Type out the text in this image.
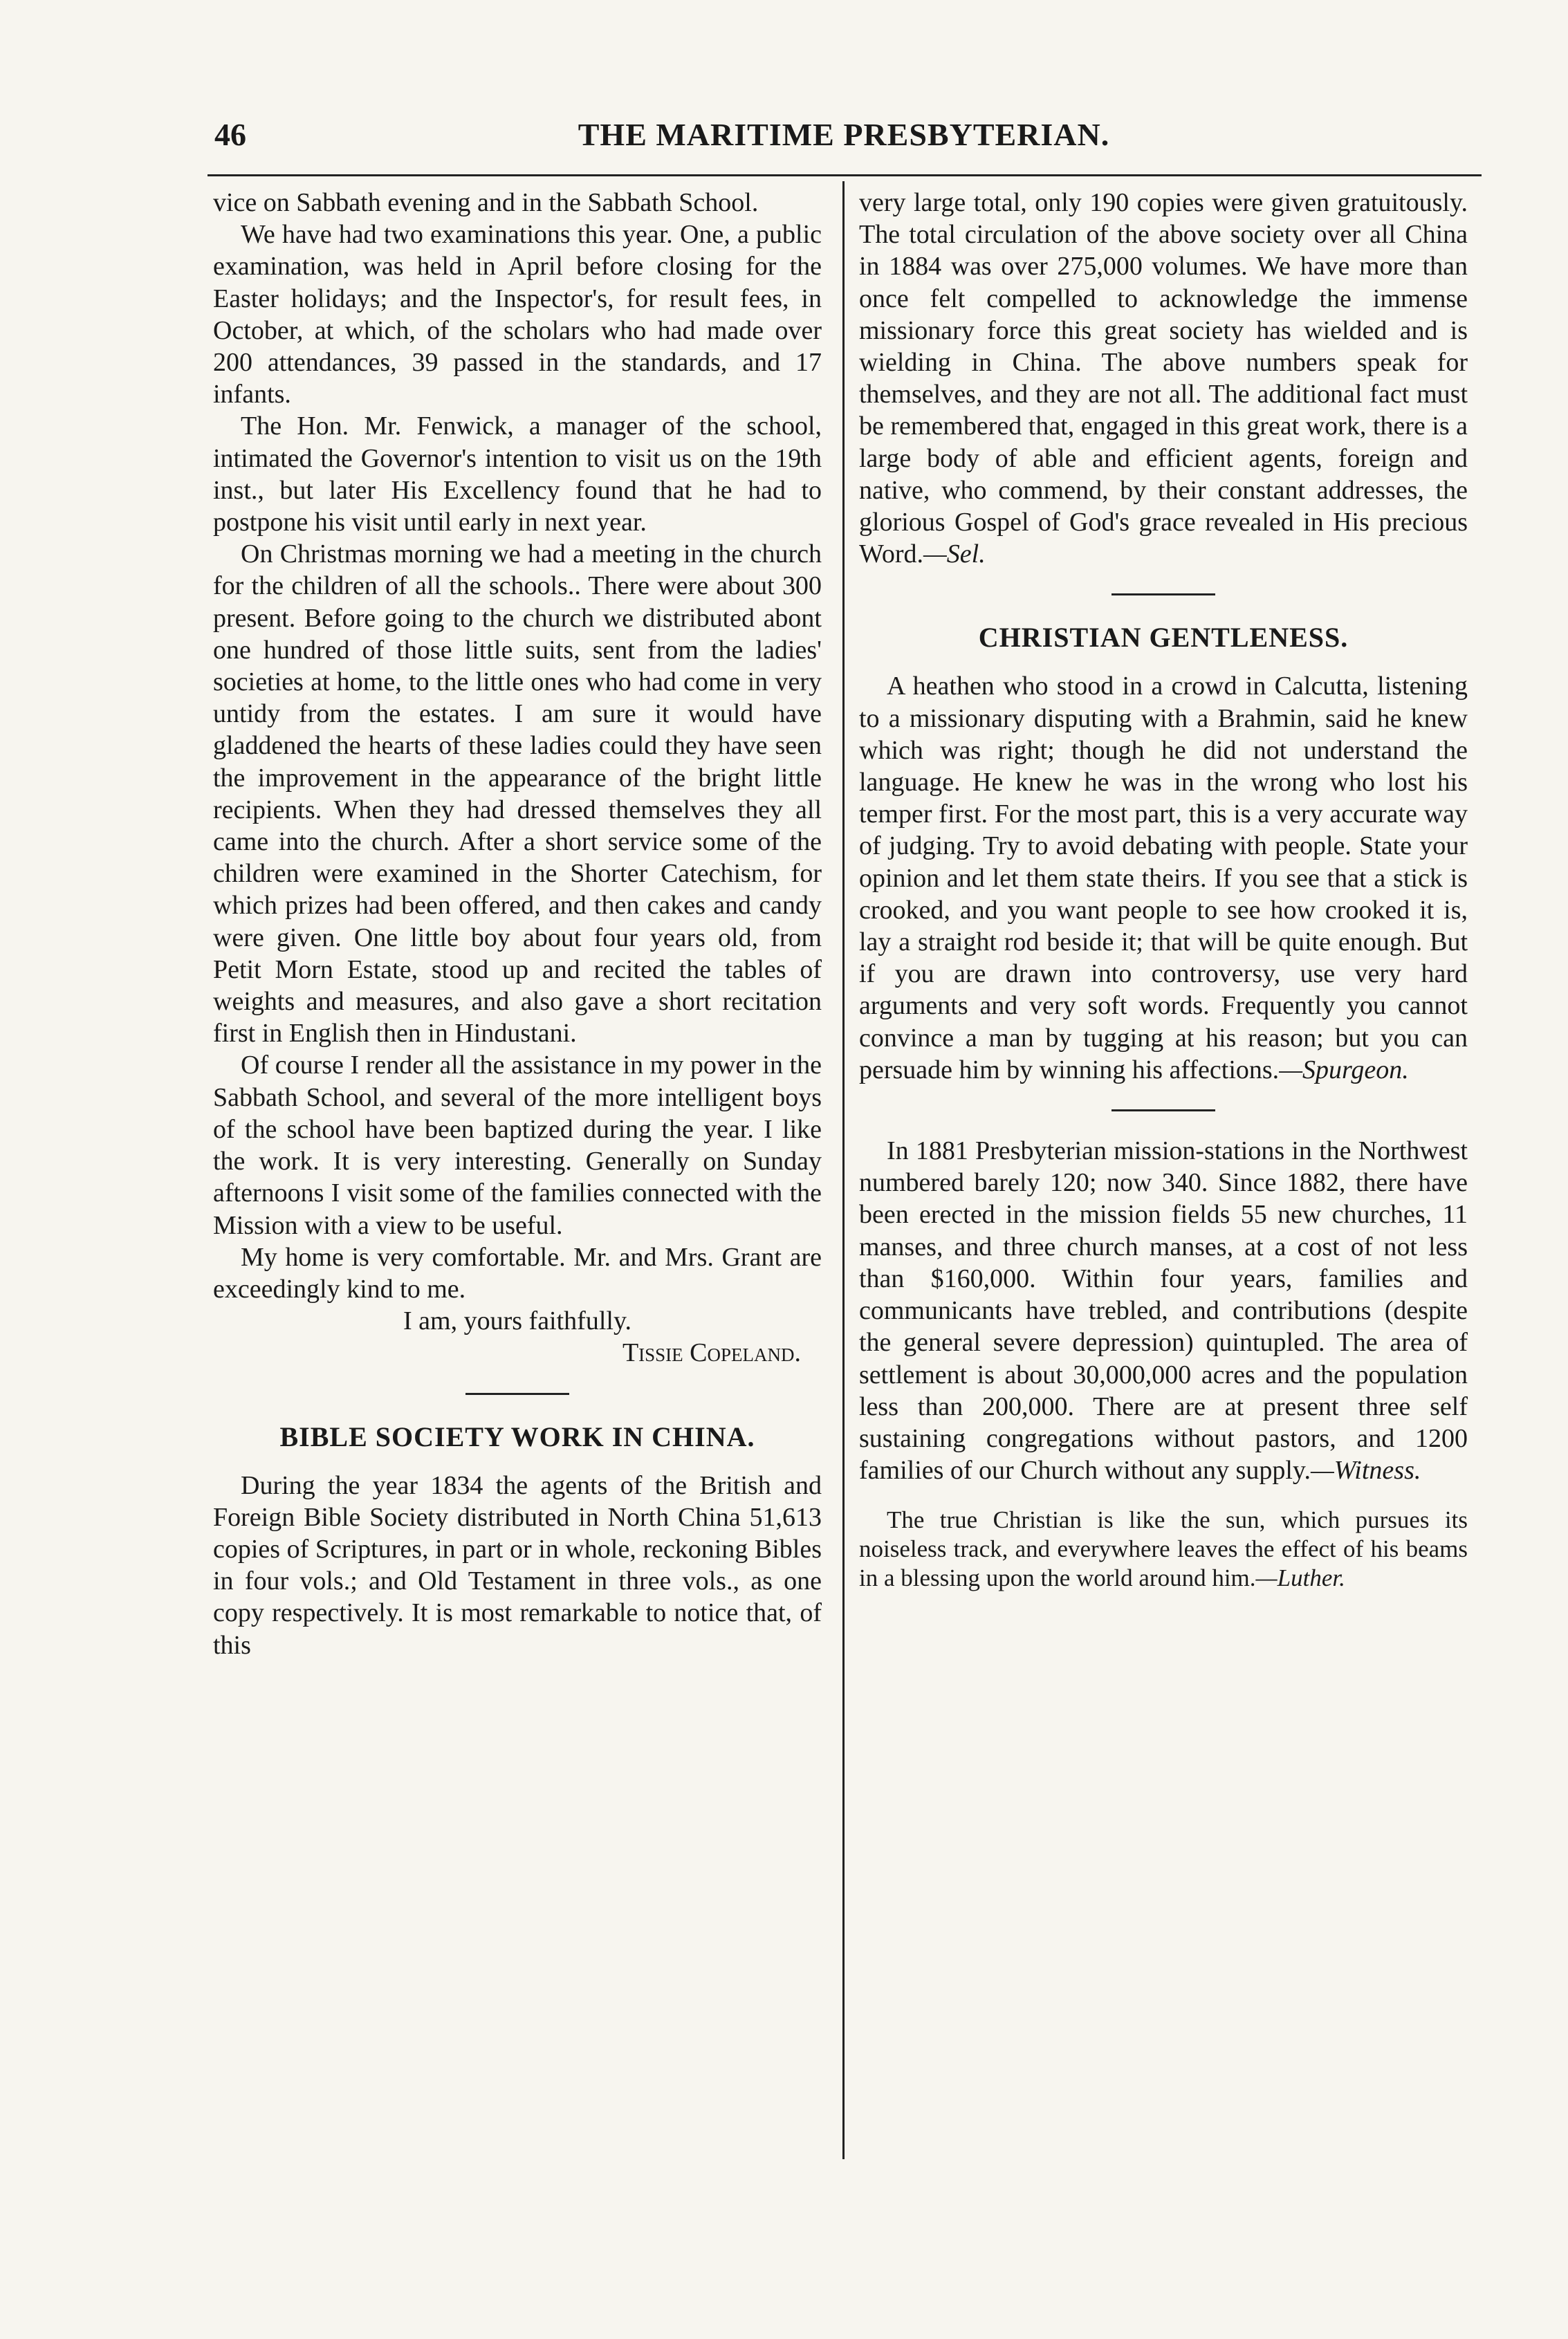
46	THE MARITIME PRESBYTERIAN.

vice on Sabbath evening and in the Sabbath School.

We have had two examinations this year. One, a public examination, was held in April before closing for the Easter holidays; and the Inspector's, for result fees, in October, at which, of the scholars who had made over 200 attendances, 39 passed in the standards, and 17 infants.

The Hon. Mr. Fenwick, a manager of the school, intimated the Governor's intention to visit us on the 19th inst., but later His Excellency found that he had to postpone his visit until early in next year.

On Christmas morning we had a meeting in the church for the children of all the schools.. There were about 300 present. Before going to the church we distributed abont one hundred of those little suits, sent from the ladies' societies at home, to the little ones who had come in very untidy from the estates. I am sure it would have gladdened the hearts of these ladies could they have seen the improvement in the appearance of the bright little recipients. When they had dressed themselves they all came into the church. After a short service some of the children were examined in the Shorter Catechism, for which prizes had been offered, and then cakes and candy were given. One little boy about four years old, from Petit Morn Estate, stood up and recited the tables of weights and measures, and also gave a short recitation first in English then in Hindustani.

Of course I render all the assistance in my power in the Sabbath School, and several of the more intelligent boys of the school have been baptized during the year. I like the work. It is very interesting. Generally on Sunday afternoons I visit some of the families connected with the Mission with a view to be useful.

My home is very comfortable. Mr. and Mrs. Grant are exceedingly kind to me.

I am, yours faithfully.

Tissie Copeland.

BIBLE SOCIETY WORK IN CHINA.

During the year 1834 the agents of the British and Foreign Bible Society distributed in North China 51,613 copies of Scriptures, in part or in whole, reckoning Bibles in four vols.; and Old Testament in three vols., as one copy respectively. It is most remarkable to notice that, of this

very large total, only 190 copies were given gratuitously. The total circulation of the above society over all China in 1884 was over 275,000 volumes. We have more than once felt compelled to acknowledge the immense missionary force this great society has wielded and is wielding in China. The above numbers speak for themselves, and they are not all. The additional fact must be remembered that, engaged in this great work, there is a large body of able and efficient agents, foreign and native, who commend, by their constant addresses, the glorious Gospel of God's grace revealed in His precious Word.—Sel.

CHRISTIAN GENTLENESS.

A heathen who stood in a crowd in Calcutta, listening to a missionary disputing with a Brahmin, said he knew which was right; though he did not understand the language. He knew he was in the wrong who lost his temper first. For the most part, this is a very accurate way of judging. Try to avoid debating with people. State your opinion and let them state theirs. If you see that a stick is crooked, and you want people to see how crooked it is, lay a straight rod beside it; that will be quite enough. But if you are drawn into controversy, use very hard arguments and very soft words. Frequently you cannot convince a man by tugging at his reason; but you can persuade him by winning his affections.—Spurgeon.

In 1881 Presbyterian mission-stations in the Northwest numbered barely 120; now 340. Since 1882, there have been erected in the mission fields 55 new churches, 11 manses, and three church manses, at a cost of not less than $160,000. Within four years, families and communicants have trebled, and contributions (despite the general severe depression) quintupled. The area of settlement is about 30,000,000 acres and the population less than 200,000. There are at present three self sustaining congregations without pastors, and 1200 families of our Church without any supply.—Witness.

The true Christian is like the sun, which pursues its noiseless track, and everywhere leaves the effect of his beams in a blessing upon the world around him.—Luther.
